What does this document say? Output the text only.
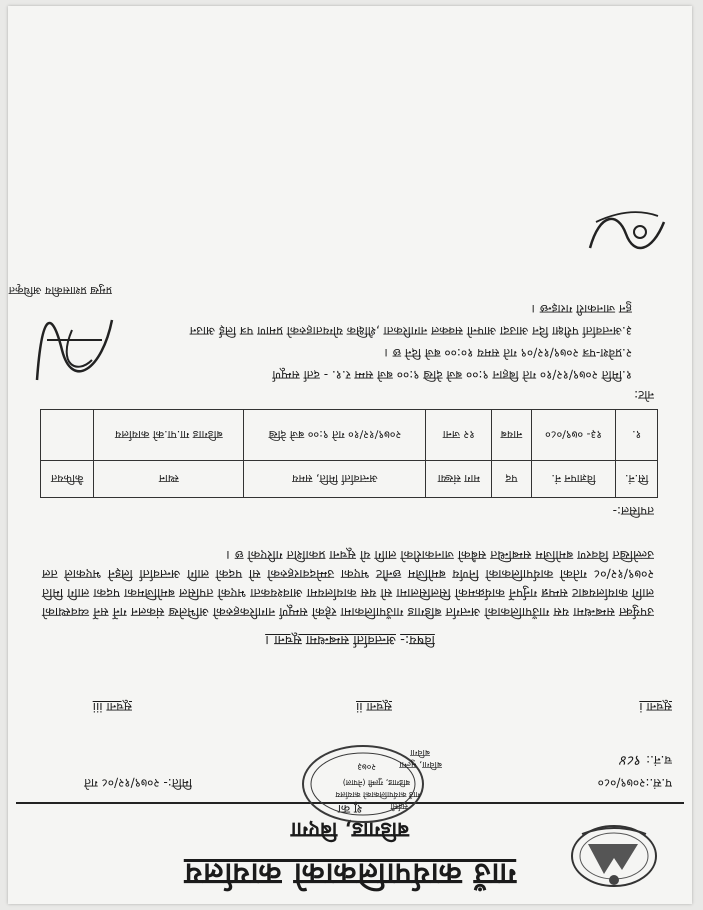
गाउँ कार्यपालिकाको कार्यालय
बडिगाड, बिएगा
शु का	सर्वसी
गाउँ कार्यपालिकाको कार्यालय
बडिगाड, गुल्मी (नेपाल)
२०७३
प.सं.:२०७९/०८०
च.नं.: ९८४
मिति:- २०७९/१२/०८ गते
बविगा, मुल्गा
बविगा
सूचना i
सूचना ii
सूचना iii
विषय:- अन्तर्वार्ता सम्बन्धमा सूचना ।
उपर्युक्त सम्बन्धमा यस गाउँपालिकाको अन्तर्गत बडिगाड गाउँपालिकामा रहेको सम्पूर्ण नागरिकहरुको अभिलेख संकलन गर्ने सर्ने व्यवस्थाको लागि कार्यालयबाट सम्पन्न गर्नुपर्ने कार्यक्रमको सिलसिलामा सो यस कार्यालयमा आवश्यकता भएको तपसिल बमोजिमका पदका लागि मिति २०७९/१२/०८ गतेको कार्यपालिकाको निर्णय बमोजिम छनौट भएका उम्मेदवारहरुको सो पदको लागि अन्तर्वार्ता लिइने भएकाले तल उल्लेखित विवरण बमोजिम सम्बन्धित सबैको जानकारीको लागि यो सूचना प्रकाशित गरिएको छ ।
तपसिल:-
सि.नं.	विज्ञापन नं.	पद	माग संख्या	अन्तर्वार्ता मिति, समय	स्थान	कैफियत
१.	१३- ०७९/०८०	नायब	१२ जना	२०७९/१२/१० गते ९:०० बजे देखि	बडिगाड गा.पा.को कार्यालय	
नोट:
१.मिति २०७९/१२/१० गते बिहान ९:०० बजे देखि ९:०० बजे सम्म र.१. - दर्ता सम्पूर्ण
२.प्रवेश-पत्र २०७९/१२/०९ गते समय १०:०० बजे दिने छ ।
३.अन्तर्वार्ता परीक्षा दिन आउदा आफ्नो सक्कल नागरिकता ,शैक्षिक योग्यताहरुको प्रमाण पत्र लिई आउन
हुन जानकारी गराइन्छ ।
प्रमुख प्रशासकीय अधिकृत
